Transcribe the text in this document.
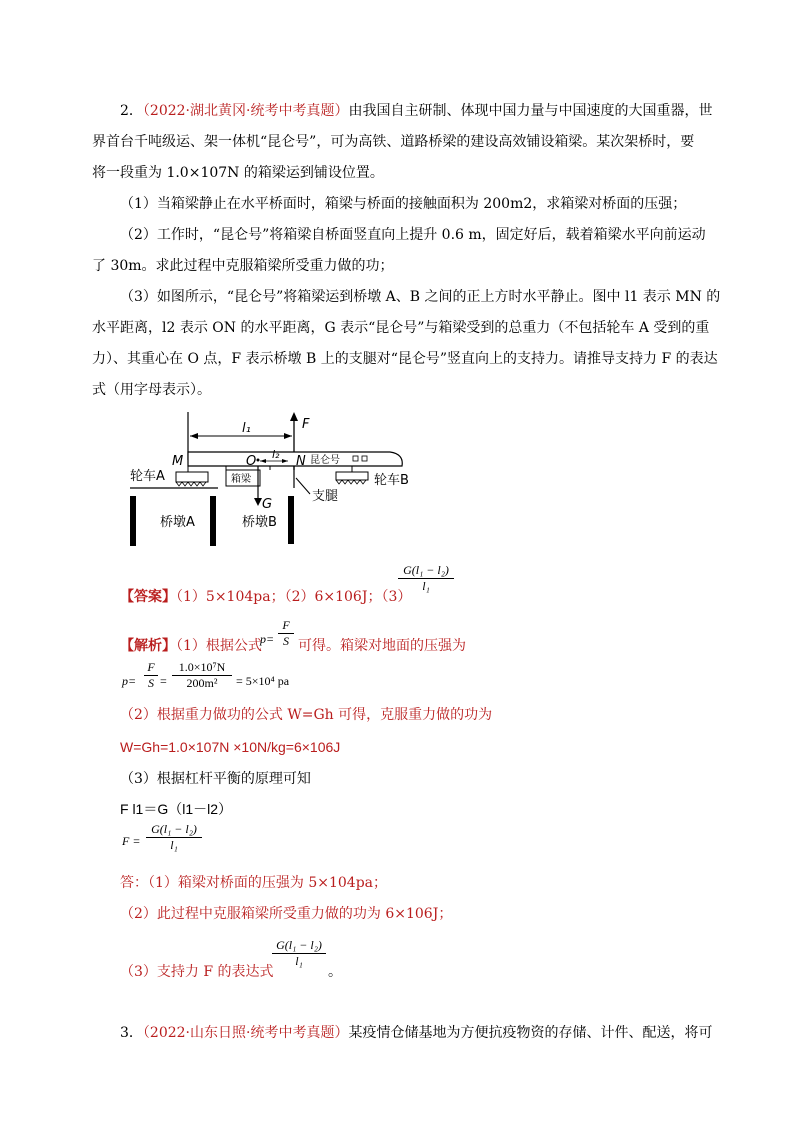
2．（2022·湖北黄冈·统考中考真题）由我国自主研制、体现中国力量与中国速度的大国重器，世
界首台千吨级运、架一体机“昆仑号”，可为高铁、道路桥梁的建设高效铺设箱梁。某次架桥时，要
将一段重为 1.0×107N 的箱梁运到铺设位置。
（1）当箱梁静止在水平桥面时，箱梁与桥面的接触面积为 200m2，求箱梁对桥面的压强；
（2）工作时，“昆仑号”将箱梁自桥面竖直向上提升 0.6 m，固定好后，载着箱梁水平向前运动
了 30m。求此过程中克服箱梁所受重力做的功；
（3）如图所示，“昆仑号”将箱梁运到桥墩 A、B 之间的正上方时水平静止。图中 l1 表示 MN 的
水平距离，l2 表示 ON 的水平距离，G 表示“昆仑号”与箱梁受到的总重力（不包括轮车 A 受到的重
力）、其重心在 O 点，F 表示桥墩 B 上的支腿对“昆仑号”竖直向上的支持力。请推导支持力 F 的表达
式（用字母表示）。
l₁	F
昆仑号
l₂
M	O	N
箱梁
G
轮车A
桥墩A
支腿
桥墩B
轮车B
【答案】（1）5×104pa；（2）6×106J；（3）
$\frac{\text{G(l₁ − l₂)}}{\text{l₁}}$
【解析】（1）根据公式
p=
F
S 可得。箱梁对地面的压强为
p=
F
S =
1.0×10⁷N
200m²	= 5×10⁴ pa
（2）根据重力做功的公式 W=Gh 可得，克服重力做的功为
W=Gh=1.0×107N ×10N/kg=6×106J
（3）根据杠杆平衡的原理可知
F l1＝G（l1－l2）
F =
G(l₁ − l₂)
l₁
答：（1）箱梁对桥面的压强为 5×104pa；
（2）此过程中克服箱梁所受重力做的功为 6×106J；
（3）支持力 F 的表达式
$\frac{\text{G(l₁ − l₂)}}{\text{l₁}}$
。
3．（2022·山东日照·统考中考真题）某疫情仓储基地为方便抗疫物资的存储、计件、配送，将可
